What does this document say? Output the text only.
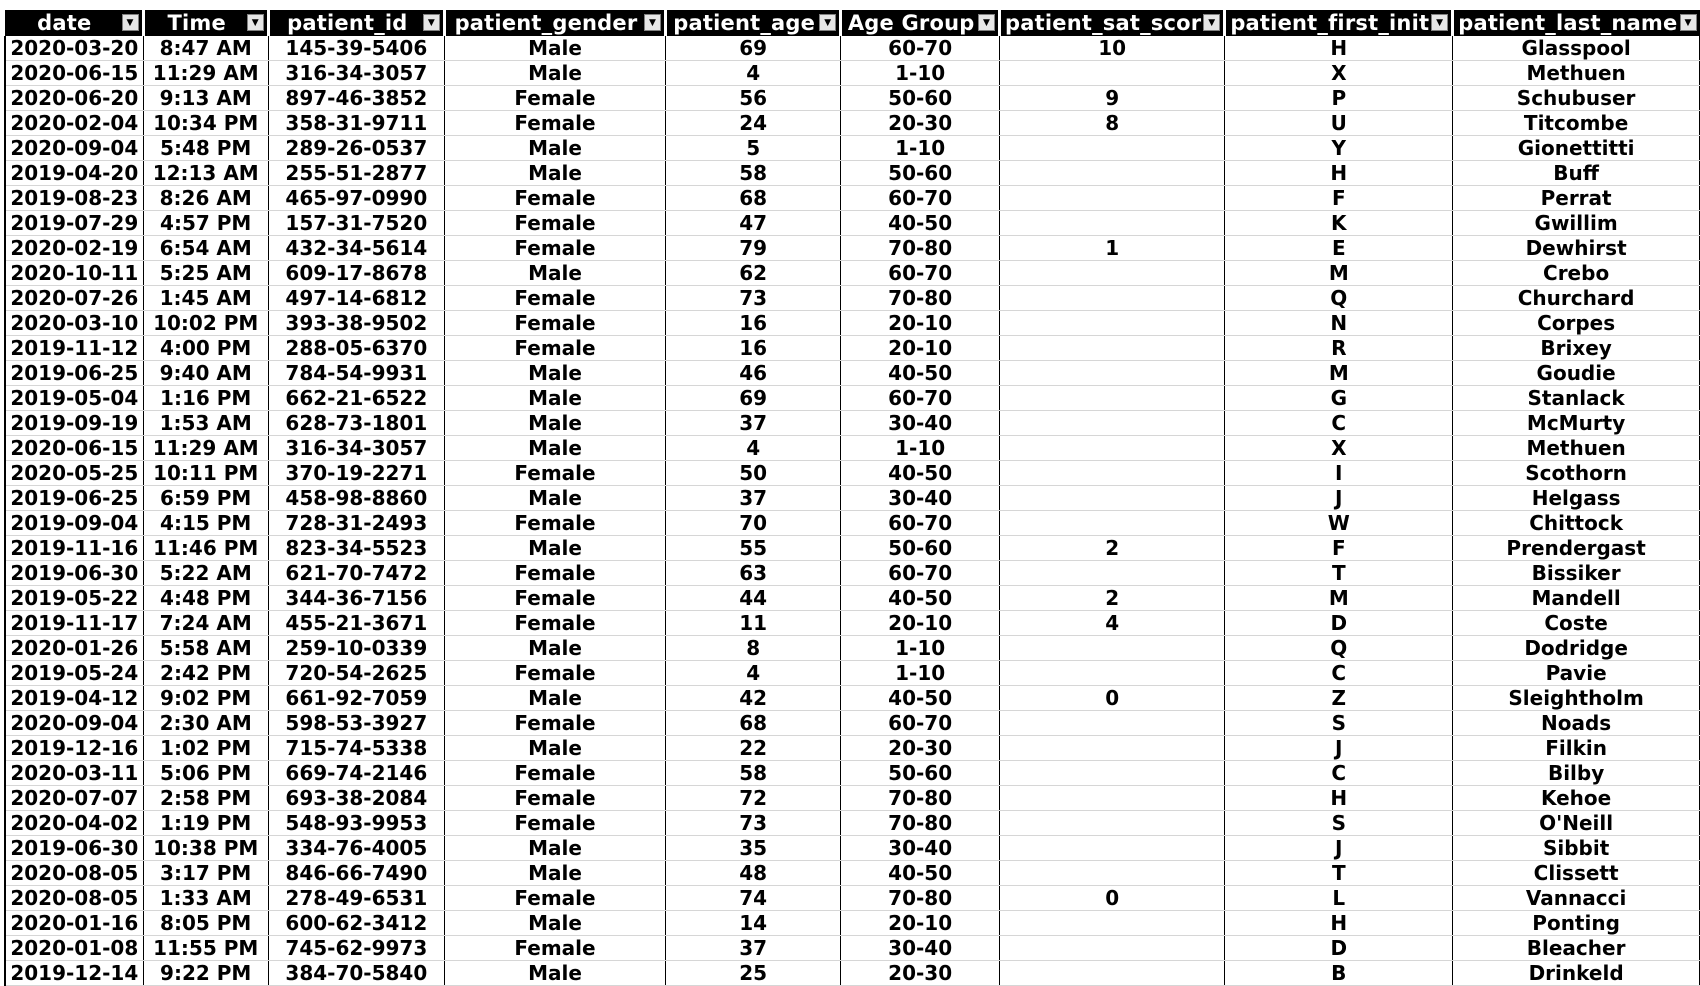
date ▼	Time ▼	patient_id ▼	patient_gender ▼	patient_age ▼	Age Group ▼	patient_sat_scor ▼	patient_first_init ▼	patient_last_name ▼

2020-03-20	8:47 AM	145-39-5406	Male	69	60-70	10	H	Glasspool
2020-06-15	11:29 AM	316-34-3057	Male	4	1-10		X	Methuen
2020-06-20	9:13 AM	897-46-3852	Female	56	50-60	9	P	Schubuser
2020-02-04	10:34 PM	358-31-9711	Female	24	20-30	8	U	Titcombe
2020-09-04	5:48 PM	289-26-0537	Male	5	1-10		Y	Gionettitti
2019-04-20	12:13 AM	255-51-2877	Male	58	50-60		H	Buff
2019-08-23	8:26 AM	465-97-0990	Female	68	60-70		F	Perrat
2019-07-29	4:57 PM	157-31-7520	Female	47	40-50		K	Gwillim
2020-02-19	6:54 AM	432-34-5614	Female	79	70-80	1	E	Dewhirst
2020-10-11	5:25 AM	609-17-8678	Male	62	60-70		M	Crebo
2020-07-26	1:45 AM	497-14-6812	Female	73	70-80		Q	Churchard
2020-03-10	10:02 PM	393-38-9502	Female	16	20-10		N	Corpes
2019-11-12	4:00 PM	288-05-6370	Female	16	20-10		R	Brixey
2019-06-25	9:40 AM	784-54-9931	Male	46	40-50		M	Goudie
2019-05-04	1:16 PM	662-21-6522	Male	69	60-70		G	Stanlack
2019-09-19	1:53 AM	628-73-1801	Male	37	30-40		C	McMurty
2020-06-15	11:29 AM	316-34-3057	Male	4	1-10		X	Methuen
2020-05-25	10:11 PM	370-19-2271	Female	50	40-50		I	Scothorn
2019-06-25	6:59 PM	458-98-8860	Male	37	30-40		J	Helgass
2019-09-04	4:15 PM	728-31-2493	Female	70	60-70		W	Chittock
2019-11-16	11:46 PM	823-34-5523	Male	55	50-60	2	F	Prendergast
2019-06-30	5:22 AM	621-70-7472	Female	63	60-70		T	Bissiker
2019-05-22	4:48 PM	344-36-7156	Female	44	40-50	2	M	Mandell
2019-11-17	7:24 AM	455-21-3671	Female	11	20-10	4	D	Coste
2020-01-26	5:58 AM	259-10-0339	Male	8	1-10		Q	Dodridge
2019-05-24	2:42 PM	720-54-2625	Female	4	1-10		C	Pavie
2019-04-12	9:02 PM	661-92-7059	Male	42	40-50	0	Z	Sleightholm
2020-09-04	2:30 AM	598-53-3927	Female	68	60-70		S	Noads
2019-12-16	1:02 PM	715-74-5338	Male	22	20-30		J	Filkin
2020-03-11	5:06 PM	669-74-2146	Female	58	50-60		C	Bilby
2020-07-07	2:58 PM	693-38-2084	Female	72	70-80		H	Kehoe
2020-04-02	1:19 PM	548-93-9953	Female	73	70-80		S	O'Neill
2019-06-30	10:38 PM	334-76-4005	Male	35	30-40		J	Sibbit
2020-08-05	3:17 PM	846-66-7490	Male	48	40-50		T	Clissett
2020-08-05	1:33 AM	278-49-6531	Female	74	70-80	0	L	Vannacci
2020-01-16	8:05 PM	600-62-3412	Male	14	20-10		H	Ponting
2020-01-08	11:55 PM	745-62-9973	Female	37	30-40		D	Bleacher
2019-12-14	9:22 PM	384-70-5840	Male	25	20-30		B	Drinkeld
